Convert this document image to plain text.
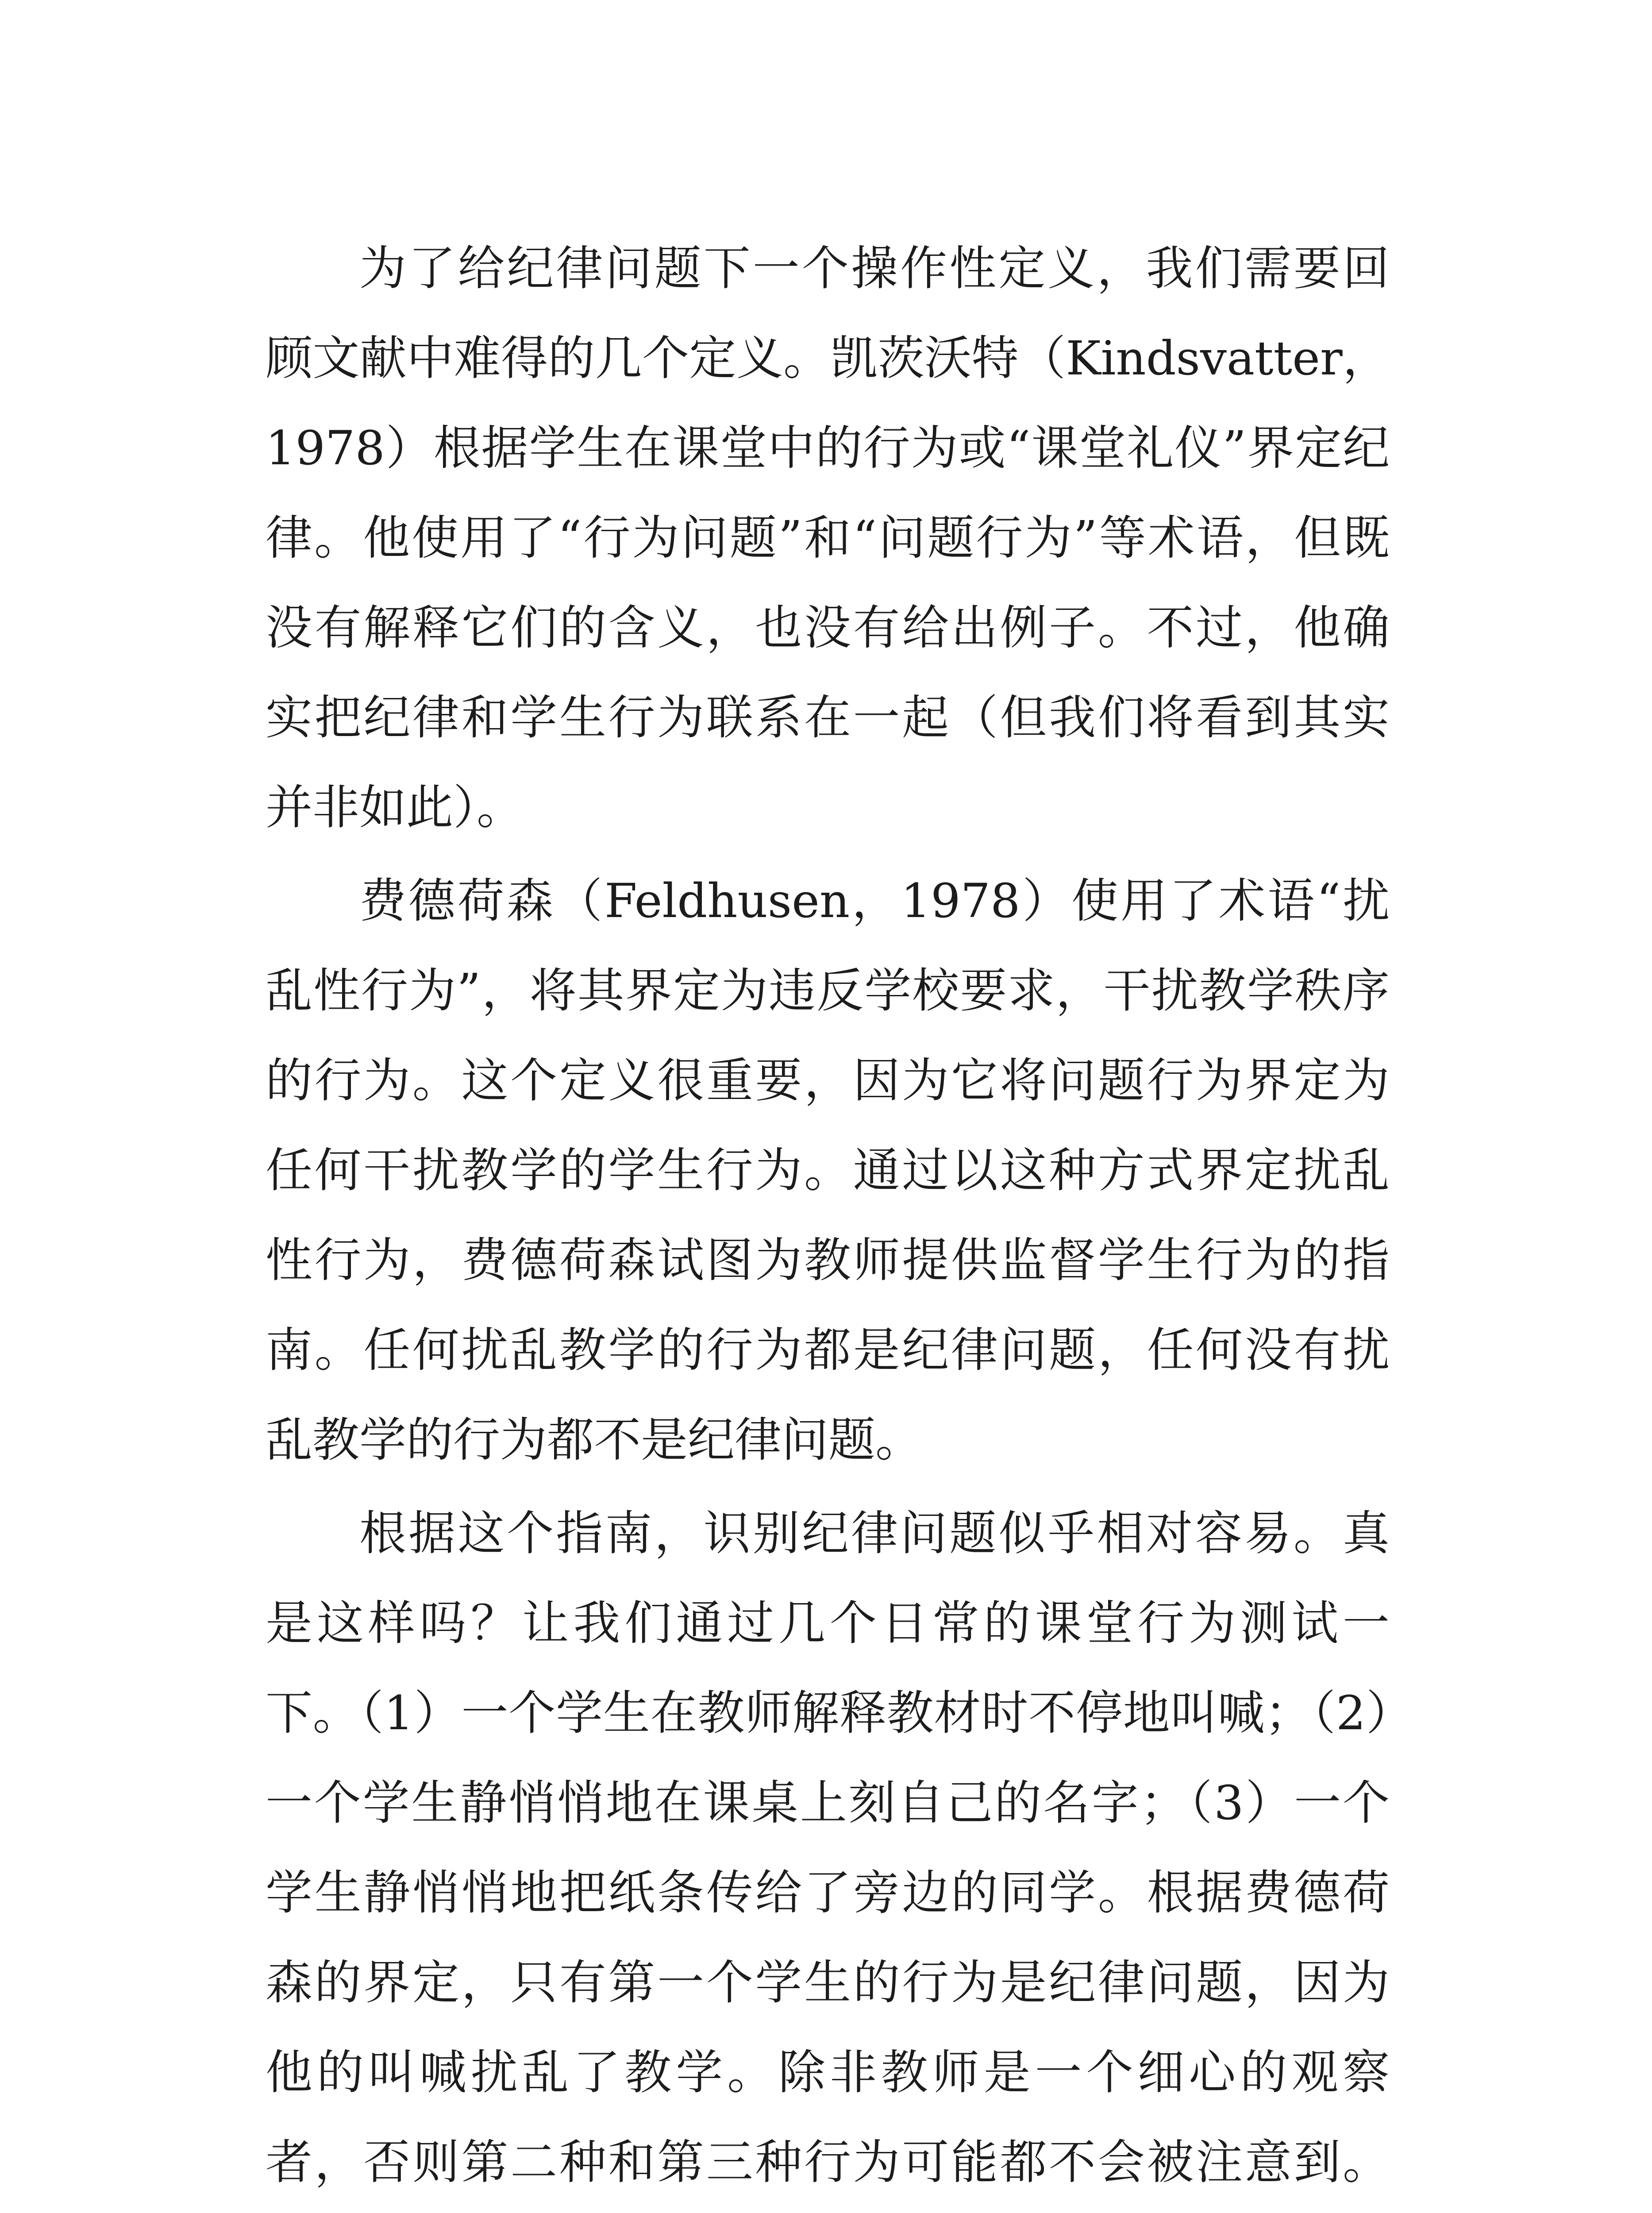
为了给纪律问题下一个操作性定义，我们需要回顾文献中难得的几个定义。凯茨沃特（Kindsvatter，1978）根据学生在课堂中的行为或“课堂礼仪”界定纪律。他使用了“行为问题”和“问题行为”等术语，但既没有解释它们的含义，也没有给出例子。不过，他确实把纪律和学生行为联系在一起（但我们将看到其实并非如此）。

费德荷森（Feldhusen，1978）使用了术语“扰乱性行为”，将其界定为违反学校要求，干扰教学秩序的行为。这个定义很重要，因为它将问题行为界定为任何干扰教学的学生行为。通过以这种方式界定扰乱性行为，费德荷森试图为教师提供监督学生行为的指南。任何扰乱教学的行为都是纪律问题，任何没有扰乱教学的行为都不是纪律问题。

根据这个指南，识别纪律问题似乎相对容易。真是这样吗？让我们通过几个日常的课堂行为测试一下。（1）一个学生在教师解释教材时不停地叫喊；（2）一个学生静悄悄地在课桌上刻自己的名字；（3）一个学生静悄悄地把纸条传给了旁边的同学。根据费德荷森的界定，只有第一个学生的行为是纪律问题，因为他的叫喊扰乱了教学。除非教师是一个细心的观察者，否则第二种和第三种行为可能都不会被注意到。
